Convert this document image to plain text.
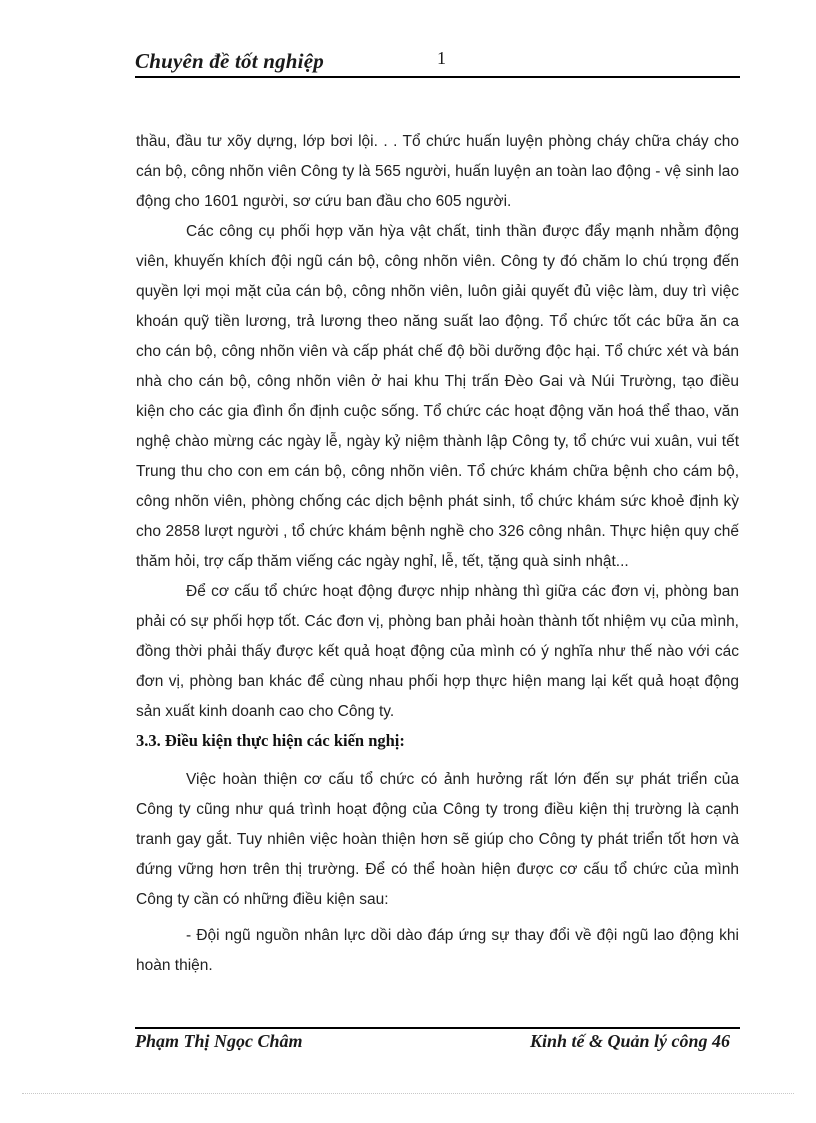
Chuyên đề tốt nghiệp	1

thầu, đầu tư xõy dựng, lớp bơi lội. . . Tổ chức huấn luyện phòng cháy chữa cháy cho cán bộ, công nhõn viên Công ty là 565 người, huấn luyện an toàn lao động - vệ sinh lao động cho 1601 người, sơ cứu ban đầu cho 605 người.

Các công cụ phối hợp văn hỳa vật chất, tinh thần được đẩy mạnh nhằm động viên, khuyến khích đội ngũ cán bộ, công nhõn viên. Công ty đó chăm lo chú trọng đến quyền lợi mọi mặt của cán bộ, công nhõn viên, luôn giải quyết đủ việc làm, duy trì việc khoán quỹ tiền lương, trả lương theo năng suất lao động. Tổ chức tốt các bữa ăn ca cho cán bộ, công nhõn viên và cấp phát chế độ bồi dưỡng độc hại. Tổ chức xét và bán nhà cho cán bộ, công nhõn viên ở hai khu Thị trấn Đèo Gai và Núi Trường, tạo điều kiện cho các gia đình ổn định cuộc sống. Tổ chức các hoạt động văn hoá thể thao, văn nghệ chào mừng các ngày lễ, ngày kỷ niệm thành lập Công ty, tổ chức vui xuân, vui tết Trung thu cho con em cán bộ, công nhõn viên. Tổ chức khám chữa bệnh cho cám bộ, công nhõn viên, phòng chống các dịch bệnh phát sinh, tổ chức khám sức khoẻ định kỳ cho 2858 lượt người , tổ chức khám bệnh nghề cho 326 công nhân. Thực hiện quy chế thăm hỏi, trợ cấp thăm viếng các ngày nghỉ, lễ, tết, tặng quà sinh nhật...

Để cơ cấu tổ chức hoạt động được nhịp nhàng thì giữa các đơn vị, phòng ban phải có sự phối hợp tốt. Các đơn vị, phòng ban phải hoàn thành tốt nhiệm vụ của mình, đồng thời phải thấy được kết quả hoạt động của mình có ý nghĩa như thế nào với các đơn vị, phòng ban khác để cùng nhau phối hợp thực hiện mang lại kết quả hoạt động sản xuất kinh doanh cao cho Công ty.

3.3. Điều kiện thực hiện các kiến nghị:

Việc hoàn thiện cơ cấu tổ chức có ảnh hưởng rất lớn đến sự phát triển của Công ty cũng như quá trình hoạt động của Công ty trong điều kiện thị trường là cạnh tranh gay gắt. Tuy nhiên việc hoàn thiện hơn sẽ giúp cho Công ty phát triển tốt hơn và đứng vững hơn trên thị trường. Để có thể hoàn hiện được cơ cấu tổ chức của mình Công ty cần có những điều kiện sau:

- Đội ngũ nguồn nhân lực dồi dào đáp ứng sự thay đổi về đội ngũ lao động khi hoàn thiện.

Phạm Thị Ngọc Châm	Kinh tế & Quản lý công 46
